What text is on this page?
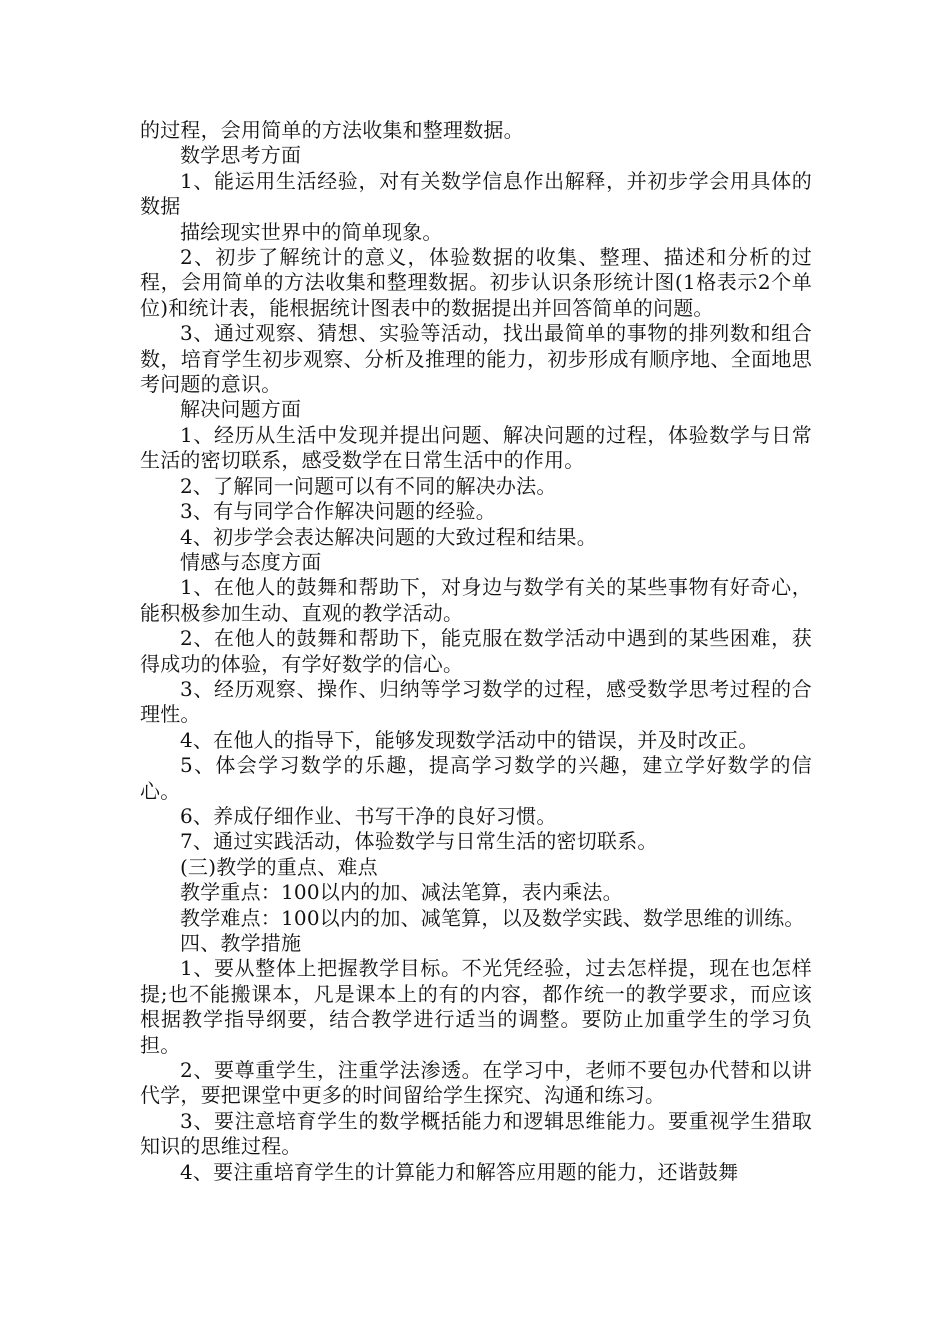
的过程，会用简单的方法收集和整理数据。

数学思考方面

1、能运用生活经验，对有关数学信息作出解释，并初步学会用具体的数据

描绘现实世界中的简单现象。

2、初步了解统计的意义，体验数据的收集、整理、描述和分析的过程，会用简单的方法收集和整理数据。初步认识条形统计图(1格表示2个单位)和统计表，能根据统计图表中的数据提出并回答简单的问题。

3、通过观察、猜想、实验等活动，找出最简单的事物的排列数和组合数，培育学生初步观察、分析及推理的能力，初步形成有顺序地、全面地思考问题的意识。

解决问题方面

1、经历从生活中发现并提出问题、解决问题的过程，体验数学与日常生活的密切联系，感受数学在日常生活中的作用。

2、了解同一问题可以有不同的解决办法。

3、有与同学合作解决问题的经验。

4、初步学会表达解决问题的大致过程和结果。

情感与态度方面

1、在他人的鼓舞和帮助下，对身边与数学有关的某些事物有好奇心，能积极参加生动、直观的教学活动。

2、在他人的鼓舞和帮助下，能克服在数学活动中遇到的某些困难，获得成功的体验，有学好数学的信心。

3、经历观察、操作、归纳等学习数学的过程，感受数学思考过程的合理性。

4、在他人的指导下，能够发现数学活动中的错误，并及时改正。

5、体会学习数学的乐趣，提高学习数学的兴趣，建立学好数学的信心。

6、养成仔细作业、书写干净的良好习惯。

7、通过实践活动，体验数学与日常生活的密切联系。

(三)教学的重点、难点

教学重点：100以内的加、减法笔算，表内乘法。

教学难点：100以内的加、减笔算，以及数学实践、数学思维的训练。

四、教学措施

1、要从整体上把握教学目标。不光凭经验，过去怎样提，现在也怎样提;也不能搬课本，凡是课本上的有的内容，都作统一的教学要求，而应该根据教学指导纲要，结合教学进行适当的调整。要防止加重学生的学习负担。

2、要尊重学生，注重学法渗透。在学习中，老师不要包办代替和以讲代学，要把课堂中更多的时间留给学生探究、沟通和练习。

3、要注意培育学生的数学概括能力和逻辑思维能力。要重视学生猎取知识的思维过程。

4、要注重培育学生的计算能力和解答应用题的能力，还谐鼓舞
